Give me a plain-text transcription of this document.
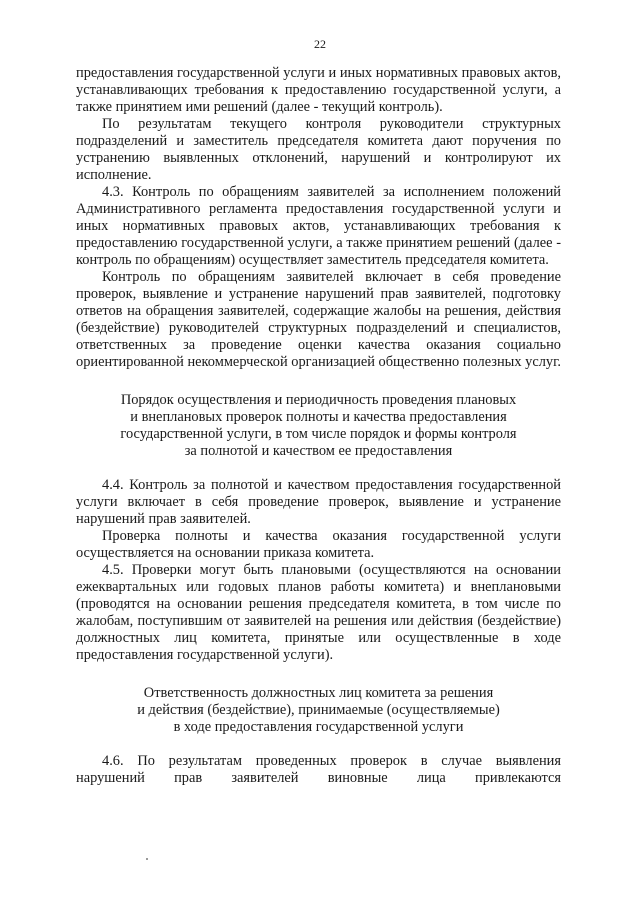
22

предоставления государственной услуги и иных нормативных правовых актов, устанавливающих требования к предоставлению государственной услуги, а также принятием ими решений (далее - текущий контроль).

По результатам текущего контроля руководители структурных подразделений и заместитель председателя комитета дают поручения по устранению выявленных отклонений, нарушений и контролируют их исполнение.

4.3. Контроль по обращениям заявителей за исполнением положений Административного регламента предоставления государственной услуги и иных нормативных правовых актов, устанавливающих требования к предоставлению государственной услуги, а также принятием решений (далее - контроль по обращениям) осуществляет заместитель председателя комитета.

Контроль по обращениям заявителей включает в себя проведение проверок, выявление и устранение нарушений прав заявителей, подготовку ответов на обращения заявителей, содержащие жалобы на решения, действия (бездействие) руководителей структурных подразделений и специалистов, ответственных за проведение оценки качества оказания социально ориентированной некоммерческой организацией общественно полезных услуг.

Порядок осуществления и периодичность проведения плановых
и внеплановых проверок полноты и качества предоставления
государственной услуги, в том числе порядок и формы контроля
за полнотой и качеством ее предоставления

4.4. Контроль за полнотой и качеством предоставления государственной услуги включает в себя проведение проверок, выявление и устранение нарушений прав заявителей.

Проверка полноты и качества оказания государственной услуги осуществляется на основании приказа комитета.

4.5. Проверки могут быть плановыми (осуществляются на основании ежеквартальных или годовых планов работы комитета) и внеплановыми (проводятся на основании решения председателя комитета, в том числе по жалобам, поступившим от заявителей на решения или действия (бездействие) должностных лиц комитета, принятые или осуществленные в ходе предоставления государственной услуги).

Ответственность должностных лиц комитета за решения
и действия (бездействие), принимаемые (осуществляемые)
в ходе предоставления государственной услуги
4.6. По результатам проведенных проверок в случае выявления
нарушений прав заявителей виновные лица привлекаются
